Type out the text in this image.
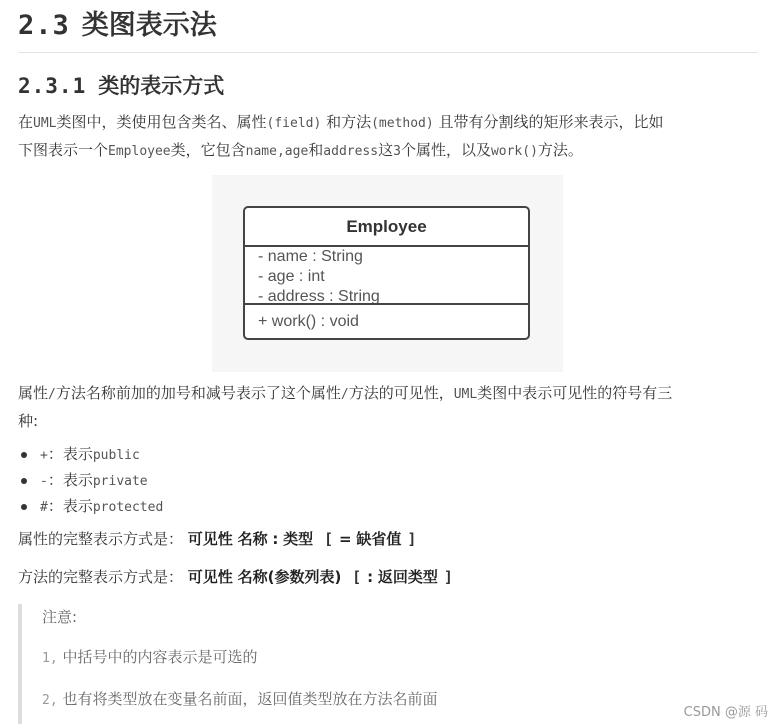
2.3 类图表示法
2.3.1 类的表示方式

在UML类图中，类使用包含类名、属性(field) 和方法(method) 且带有分割线的矩形来表示，比如
下图表示一个Employee类，它包含name,age和address这3个属性，以及work()方法。

Employee
- name : String
- age : int
- address : String
+ work() : void

属性/方法名称前加的加号和减号表示了这个属性/方法的可见性，UML类图中表示可见性的符号有三
种:

+：表示public
-：表示private
#：表示protected

属性的完整表示方式是： 可见性 名称 : 类型 [ = 缺省值 ]

方法的完整表示方式是： 可见性 名称(参数列表) [ : 返回类型 ]

注意:

1, 中括号中的内容表示是可选的

2, 也有将类型放在变量名前面，返回值类型放在方法名前面

CSDN @源 码
